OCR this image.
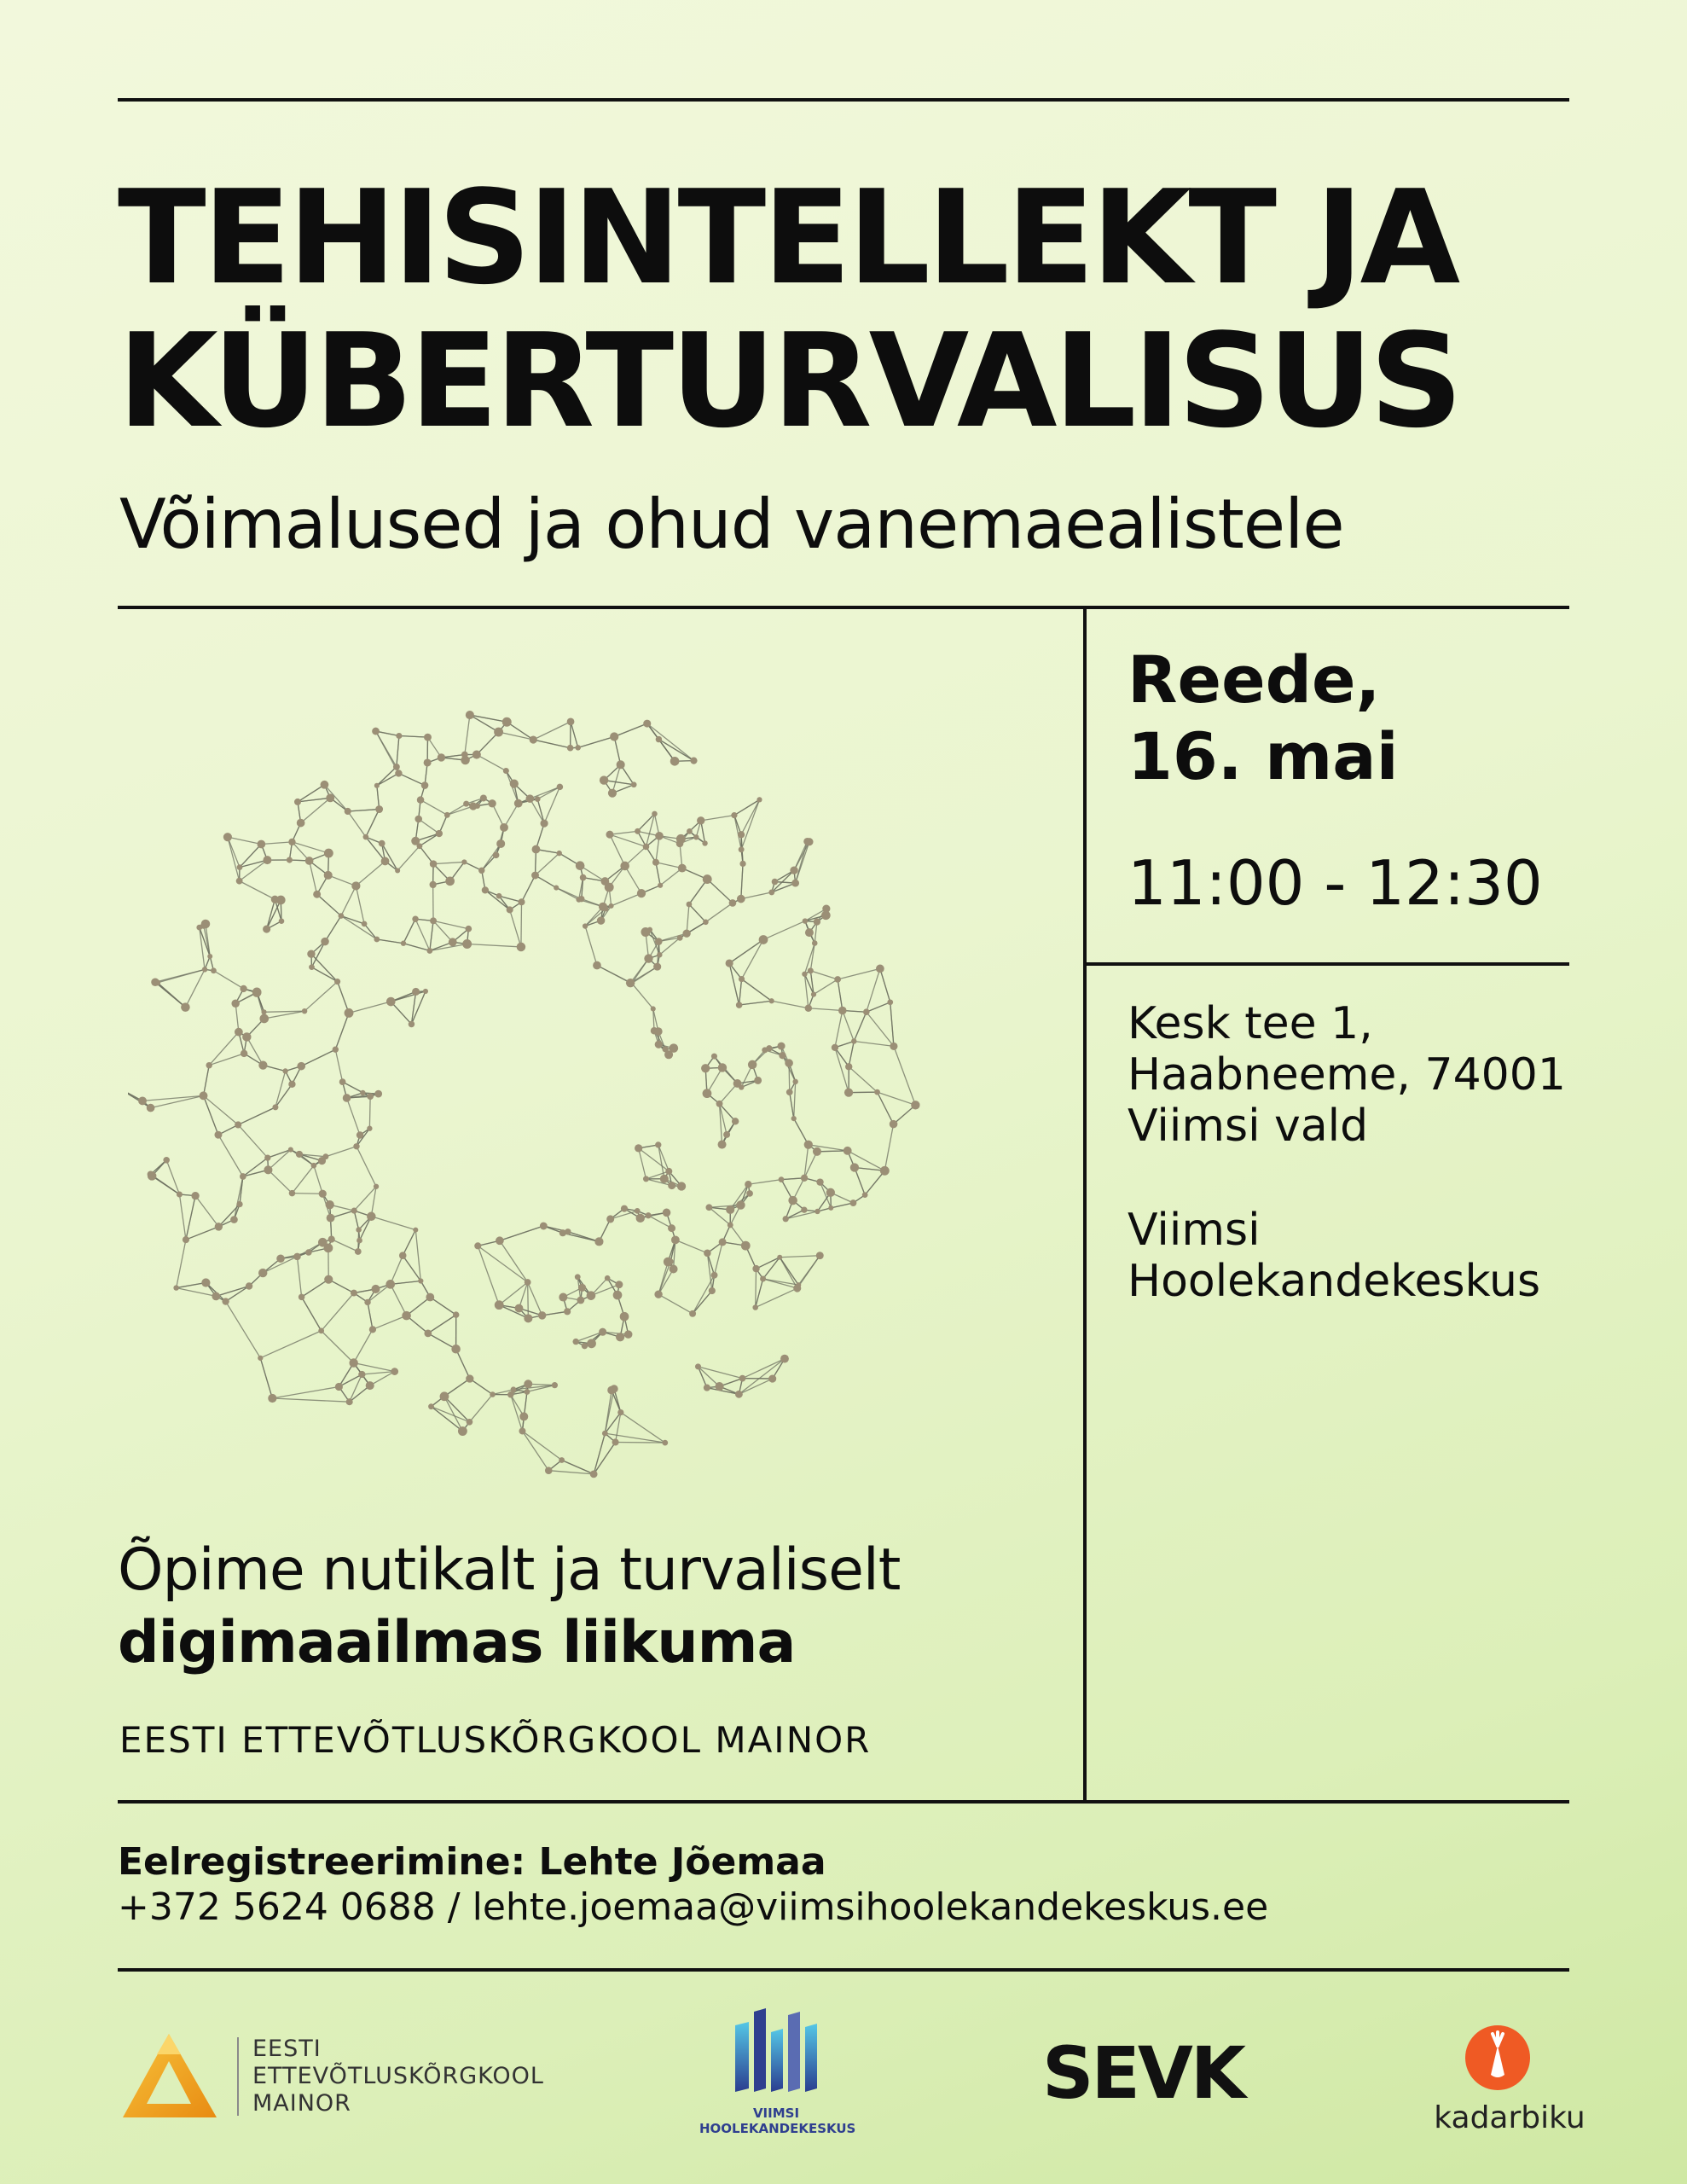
TEHISINTELLEKT JA
KÜBERTURVALISUS

Võimalused ja ohud vanemaealistele

Reede,
16. mai

11:00 - 12:30

Kesk tee 1,
Haabneeme, 74001
Viimsi vald

Viimsi
Hoolekandekeskus

Õpime nutikalt ja turvaliselt
digimaailmas liikuma

EESTI ETTEVÕTLUSKÕRGKOOL MAINOR

Eelregistreerimine: Lehte Jõemaa

+372 5624 0688 / lehte.joemaa@viimsihoolekandekeskus.ee

EESTI
ETTEVÕTLUSKÕRGKOOL
MAINOR	VIIMSI
HOOLEKANDEKESKUS
SEVK
kadarbiku
